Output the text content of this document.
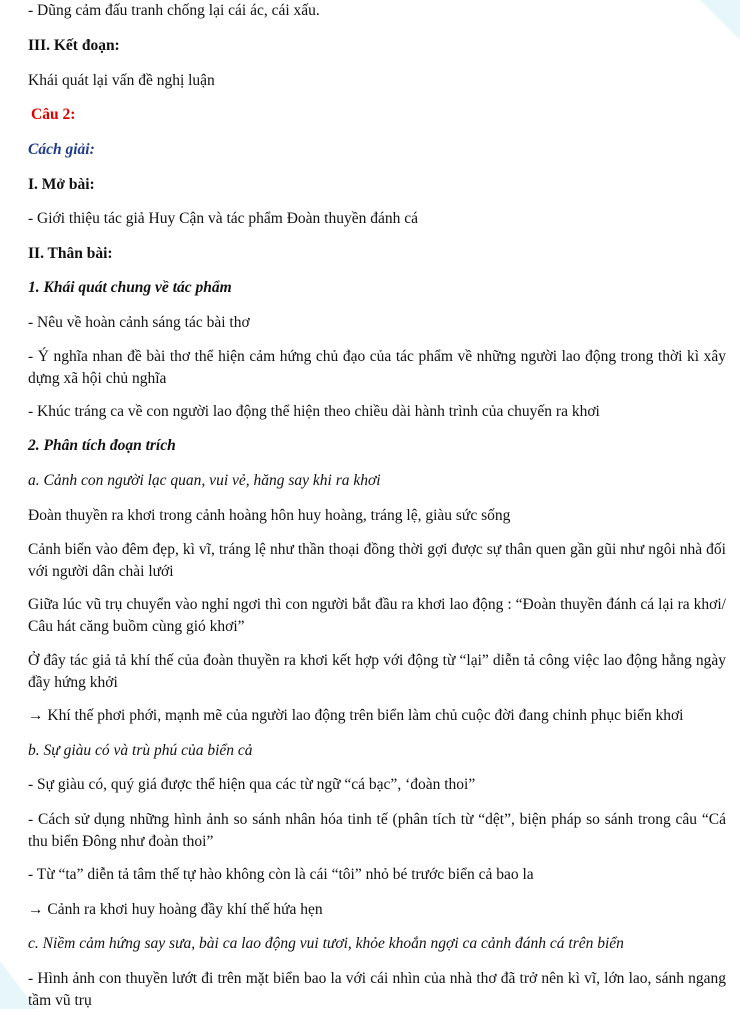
- Dũng cảm đấu tranh chống lại cái ác, cái xấu.

III. Kết đoạn:

Khái quát lại vấn đề nghị luận

Câu 2:

Cách giải:

I. Mở bài:

- Giới thiệu tác giả Huy Cận và tác phẩm Đoàn thuyền đánh cá

II. Thân bài:

1. Khái quát chung về tác phẩm

- Nêu về hoàn cảnh sáng tác bài thơ

- Ý nghĩa nhan đề bài thơ thể hiện cảm hứng chủ đạo của tác phẩm về những người lao động trong thời kì xây dựng xã hội chủ nghĩa

- Khúc tráng ca về con người lao động thể hiện theo chiều dài hành trình của chuyến ra khơi

2. Phân tích đoạn trích

a. Cảnh con người lạc quan, vui vẻ, hăng say khi ra khơi

Đoàn thuyền ra khơi trong cảnh hoàng hôn huy hoàng, tráng lệ, giàu sức sống

Cảnh biển vào đêm đẹp, kì vĩ, tráng lệ như thần thoại đồng thời gợi được sự thân quen gần gũi như ngôi nhà đối với người dân chài lưới

Giữa lúc vũ trụ chuyển vào nghỉ ngơi thì con người bắt đầu ra khơi lao động : “Đoàn thuyền đánh cá lại ra khơi/ Câu hát căng buồm cùng gió khơi”

Ở đây tác giả tả khí thế của đoàn thuyền ra khơi kết hợp với động từ “lại” diễn tả công việc lao động hằng ngày đầy hứng khởi

→ Khí thế phơi phới, mạnh mẽ của người lao động trên biển làm chủ cuộc đời đang chinh phục biển khơi

b. Sự giàu có và trù phú của biển cả

- Sự giàu có, quý giá được thể hiện qua các từ ngữ “cá bạc”, ‘đoàn thoi”

- Cách sử dụng những hình ảnh so sánh nhân hóa tinh tế (phân tích từ “dệt”, biện pháp so sánh trong câu “Cá thu biển Đông như đoàn thoi”

- Từ “ta” diễn tả tâm thế tự hào không còn là cái “tôi” nhỏ bé trước biển cả bao la

→ Cảnh ra khơi huy hoàng đầy khí thế hứa hẹn

c. Niềm cảm hứng say sưa, bài ca lao động vui tươi, khỏe khoắn ngợi ca cảnh đánh cá trên biển

- Hình ảnh con thuyền lướt đi trên mặt biển bao la với cái nhìn của nhà thơ đã trở nên kì vĩ, lớn lao, sánh ngang tầm vũ trụ
